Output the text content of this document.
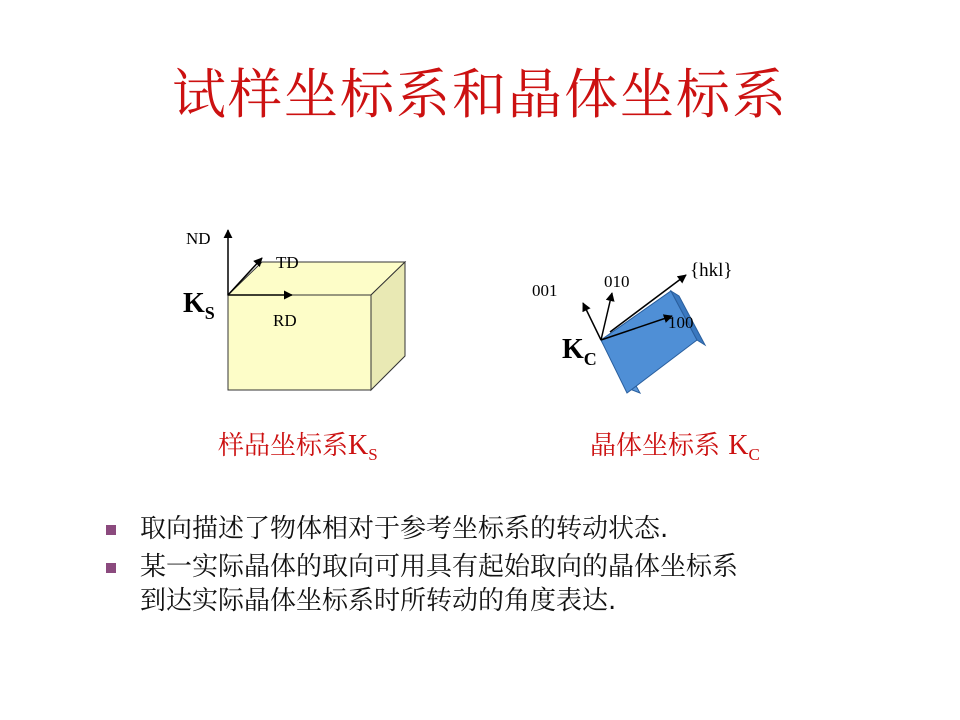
试样坐标系和晶体坐标系
ND
TD
RD
$K_S$
001	010
100
{hkl}
$K_C$
样品坐标系$K_S$	晶体坐标系 $K_C$
取向描述了物体相对于参考坐标系的转动状态.
某一实际晶体的取向可用具有起始取向的晶体坐标系
到达实际晶体坐标系时所转动的角度表达.
